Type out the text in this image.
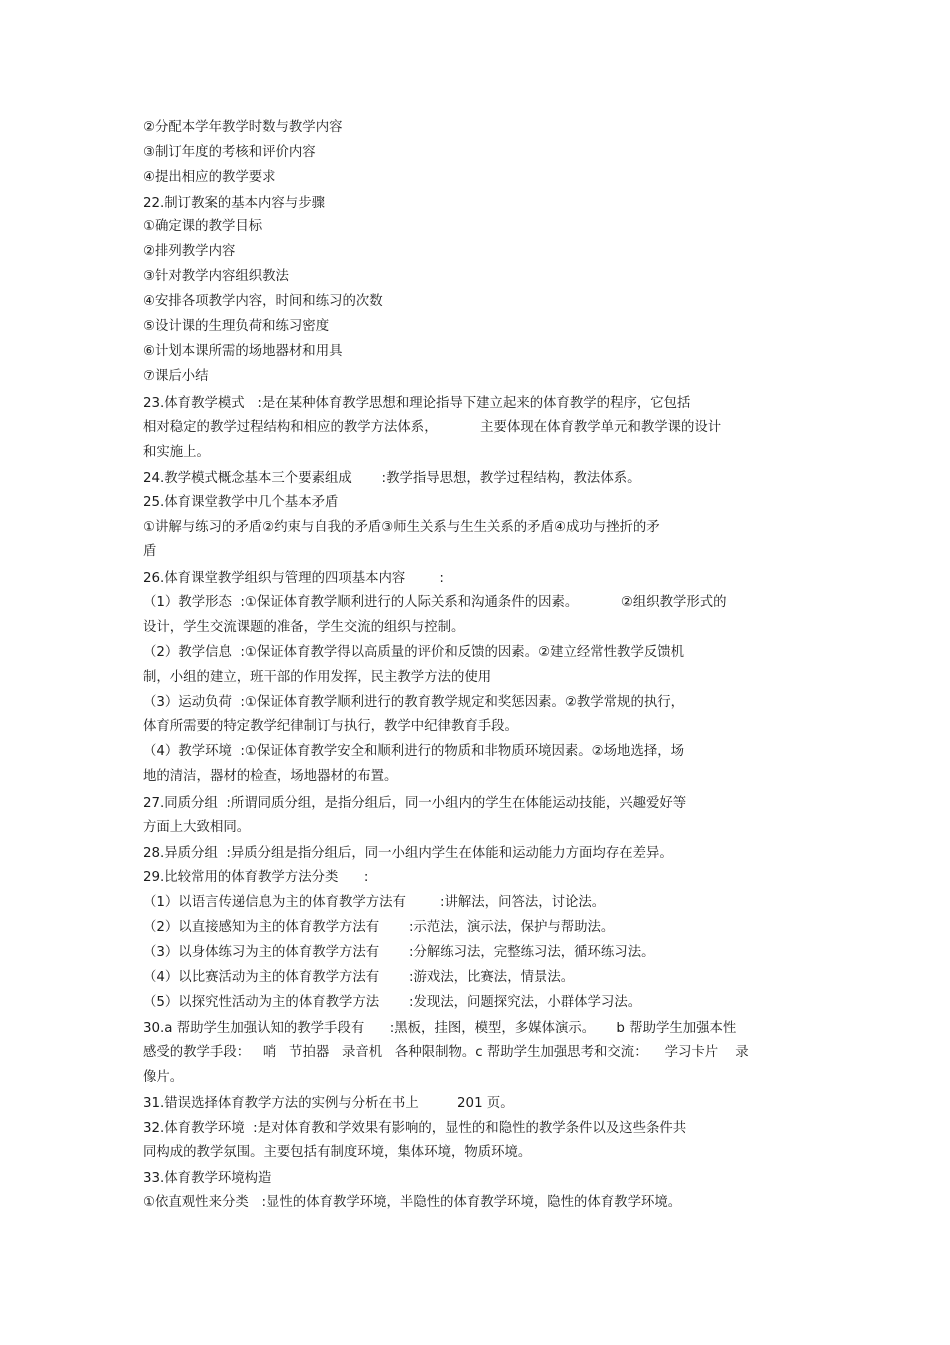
②分配本学年教学时数与教学内容
③制订年度的考核和评价内容
④提出相应的教学要求
22.制订教案的基本内容与步骤
①确定课的教学目标
②排列教学内容
③针对教学内容组织教法
④安排各项教学内容，时间和练习的次数
⑤设计课的生理负荷和练习密度
⑥计划本课所需的场地器材和用具
⑦课后小结
23.体育教学模式   :是在某种体育教学思想和理论指导下建立起来的体育教学的程序，它包括
相对稳定的教学过程结构和相应的教学方法体系，          主要体现在体育教学单元和教学课的设计
和实施上。
24.教学模式概念基本三个要素组成       :教学指导思想，教学过程结构，教法体系。
25.体育课堂教学中几个基本矛盾
①讲解与练习的矛盾②约束与自我的矛盾③师生关系与生生关系的矛盾④成功与挫折的矛
盾
26.体育课堂教学组织与管理的四项基本内容        :
（1）教学形态  :①保证体育教学顺利进行的人际关系和沟通条件的因素。          ②组织教学形式的
设计，学生交流课题的准备，学生交流的组织与控制。
（2）教学信息  :①保证体育教学得以高质量的评价和反馈的因素。②建立经常性教学反馈机
制，小组的建立，班干部的作用发挥，民主教学方法的使用
（3）运动负荷  :①保证体育教学顺利进行的教育教学规定和奖惩因素。②教学常规的执行，
体育所需要的特定教学纪律制订与执行，教学中纪律教育手段。
（4）教学环境  :①保证体育教学安全和顺利进行的物质和非物质环境因素。②场地选择，场
地的清洁，器材的检查，场地器材的布置。
27.同质分组  :所谓同质分组，是指分组后，同一小组内的学生在体能运动技能，兴趣爱好等
方面上大致相同。
28.异质分组  :异质分组是指分组后，同一小组内学生在体能和运动能力方面均存在差异。
29.比较常用的体育教学方法分类      :
（1）以语言传递信息为主的体育教学方法有        :讲解法，问答法，讨论法。
（2）以直接感知为主的体育教学方法有       :示范法，演示法，保护与帮助法。
（3）以身体练习为主的体育教学方法有       :分解练习法，完整练习法，循环练习法。
（4）以比赛活动为主的体育教学方法有       :游戏法，比赛法，情景法。
（5）以探究性活动为主的体育教学方法       :发现法，问题探究法，小群体学习法。
30.a 帮助学生加强认知的教学手段有      :黑板，挂图，模型，多媒体演示。     b 帮助学生加强本性
感受的教学手段：   哨   节拍器   录音机   各种限制物。c 帮助学生加强思考和交流：    学习卡片    录
像片。
31.错误选择体育教学方法的实例与分析在书上         201 页。
32.体育教学环境  :是对体育教和学效果有影响的，显性的和隐性的教学条件以及这些条件共
同构成的教学氛围。主要包括有制度环境，集体环境，物质环境。
33.体育教学环境构造
①依直观性来分类   :显性的体育教学环境，半隐性的体育教学环境，隐性的体育教学环境。
